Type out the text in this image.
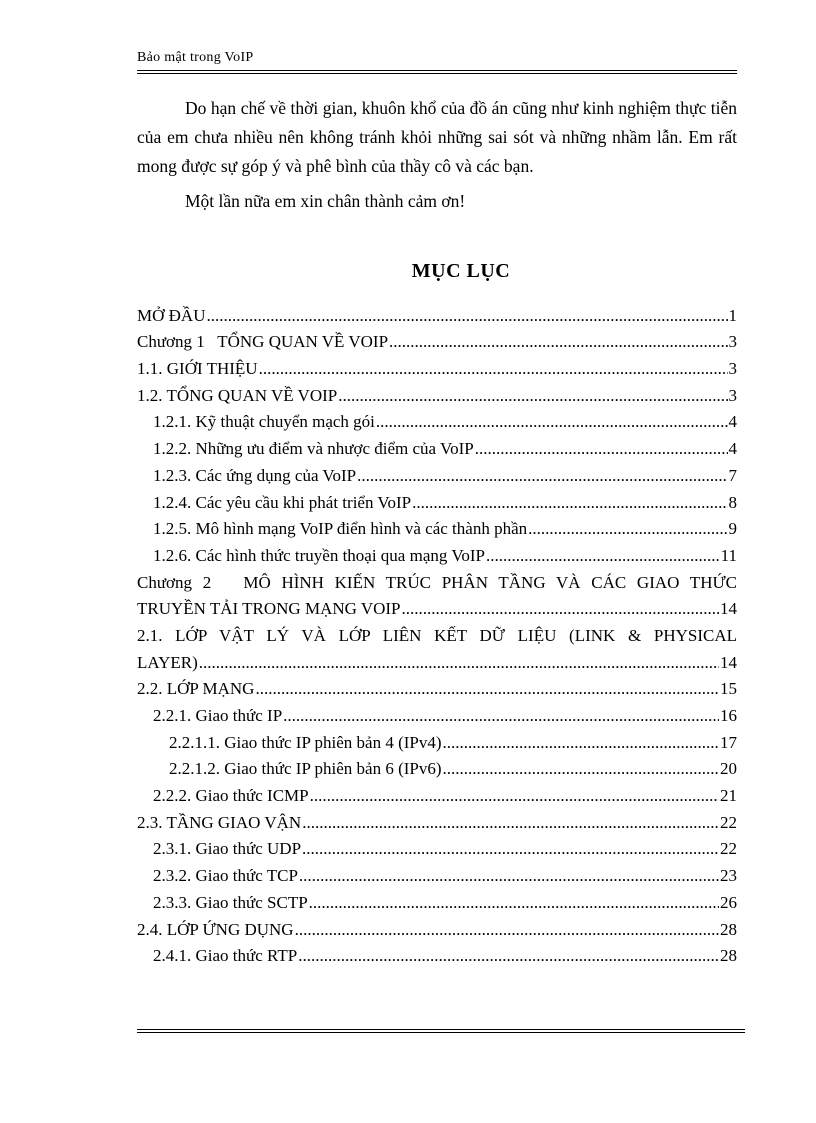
Bảo mật trong VoIP

Do hạn chế về thời gian, khuôn khổ của đồ án cũng như kinh nghiệm thực tiễn của em chưa nhiều nên không tránh khỏi những sai sót và những nhầm lẫn. Em rất mong được sự góp ý và phê bình của thầy cô và các bạn.

Một lần nữa em xin chân thành cảm ơn!

MỤC LỤC
MỞ ĐẦU .....	1
Chương 1   TỔNG QUAN VỀ VOIP .....	3
1.1. GIỚI THIỆU .....	3
1.2. TỔNG QUAN VỀ VOIP .....	3
1.2.1. Kỹ thuật chuyển mạch gói .....	4
1.2.2. Những ưu điểm và nhược điểm của VoIP .....	4
1.2.3. Các ứng dụng của VoIP .....	7
1.2.4. Các yêu cầu khi phát triển VoIP .....	8
1.2.5. Mô hình mạng VoIP điển hình và các thành phần .....	9
1.2.6. Các hình thức truyền thoại qua mạng VoIP .....	11
Chương 2   MÔ HÌNH KIẾN TRÚC PHÂN TẦNG VÀ CÁC GIAO THỨC
TRUYỀN TẢI TRONG MẠNG VOIP .....	14
2.1. LỚP VẬT LÝ VÀ LỚP LIÊN KẾT DỮ LIỆU (LINK & PHYSICAL
LAYER) .....	14
2.2. LỚP MẠNG .....	15
2.2.1. Giao thức IP .....	16
2.2.1.1. Giao thức IP phiên bản 4 (IPv4) .....	17
2.2.1.2. Giao thức IP phiên bản 6 (IPv6) .....	20
2.2.2. Giao thức ICMP .....	21
2.3. TẦNG GIAO VẬN .....	22
2.3.1. Giao thức UDP .....	22
2.3.2. Giao thức TCP .....	23
2.3.3. Giao thức SCTP .....	26
2.4. LỚP ỨNG DỤNG .....	28
2.4.1. Giao thức RTP .....	28
